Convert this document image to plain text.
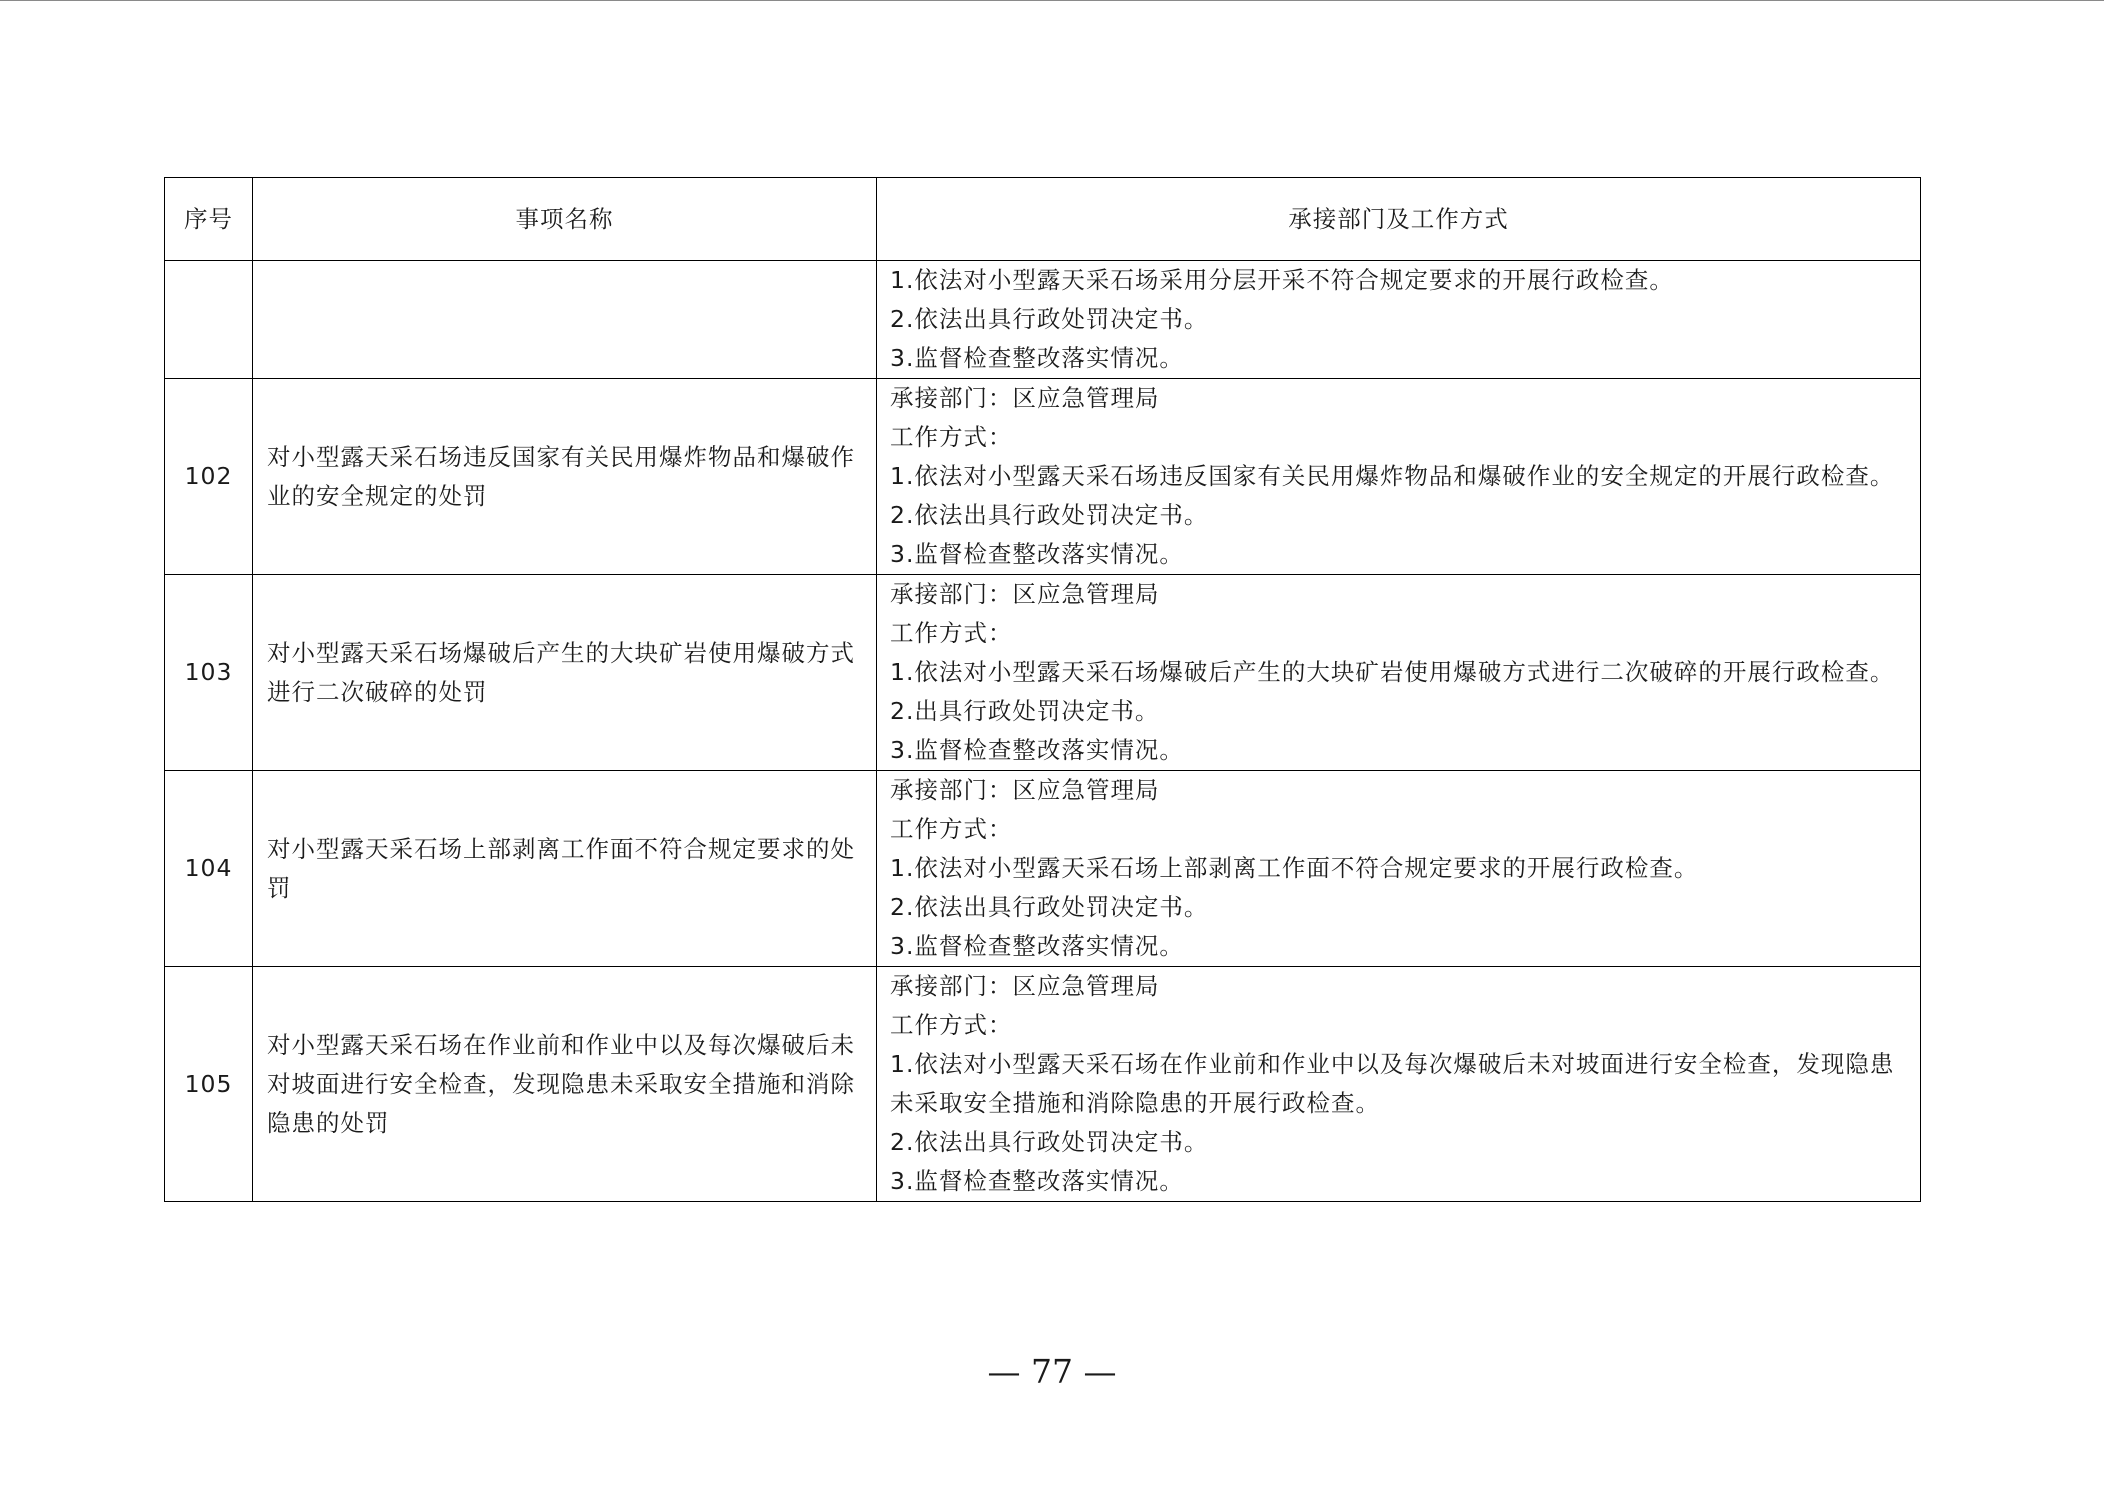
序号	事项名称	承接部门及工作方式

		1.依法对小型露天采石场采用分层开采不符合规定要求的开展行政检查。
2.依法出具行政处罚决定书。
3.监督检查整改落实情况。

102	对小型露天采石场违反国家有关民用爆炸物品和爆破作业的安全规定的处罚	承接部门：区应急管理局
工作方式：
1.依法对小型露天采石场违反国家有关民用爆炸物品和爆破作业的安全规定的开展行政检查。
2.依法出具行政处罚决定书。
3.监督检查整改落实情况。

103	对小型露天采石场爆破后产生的大块矿岩使用爆破方式进行二次破碎的处罚	承接部门：区应急管理局
工作方式：
1.依法对小型露天采石场爆破后产生的大块矿岩使用爆破方式进行二次破碎的开展行政检查。
2.出具行政处罚决定书。
3.监督检查整改落实情况。

104	对小型露天采石场上部剥离工作面不符合规定要求的处罚	承接部门：区应急管理局
工作方式：
1.依法对小型露天采石场上部剥离工作面不符合规定要求的开展行政检查。
2.依法出具行政处罚决定书。
3.监督检查整改落实情况。

105	对小型露天采石场在作业前和作业中以及每次爆破后未对坡面进行安全检查，发现隐患未采取安全措施和消除隐患的处罚	承接部门：区应急管理局
工作方式：
1.依法对小型露天采石场在作业前和作业中以及每次爆破后未对坡面进行安全检查，发现隐患未采取安全措施和消除隐患的开展行政检查。
2.依法出具行政处罚决定书。
3.监督检查整改落实情况。
— 77 —
